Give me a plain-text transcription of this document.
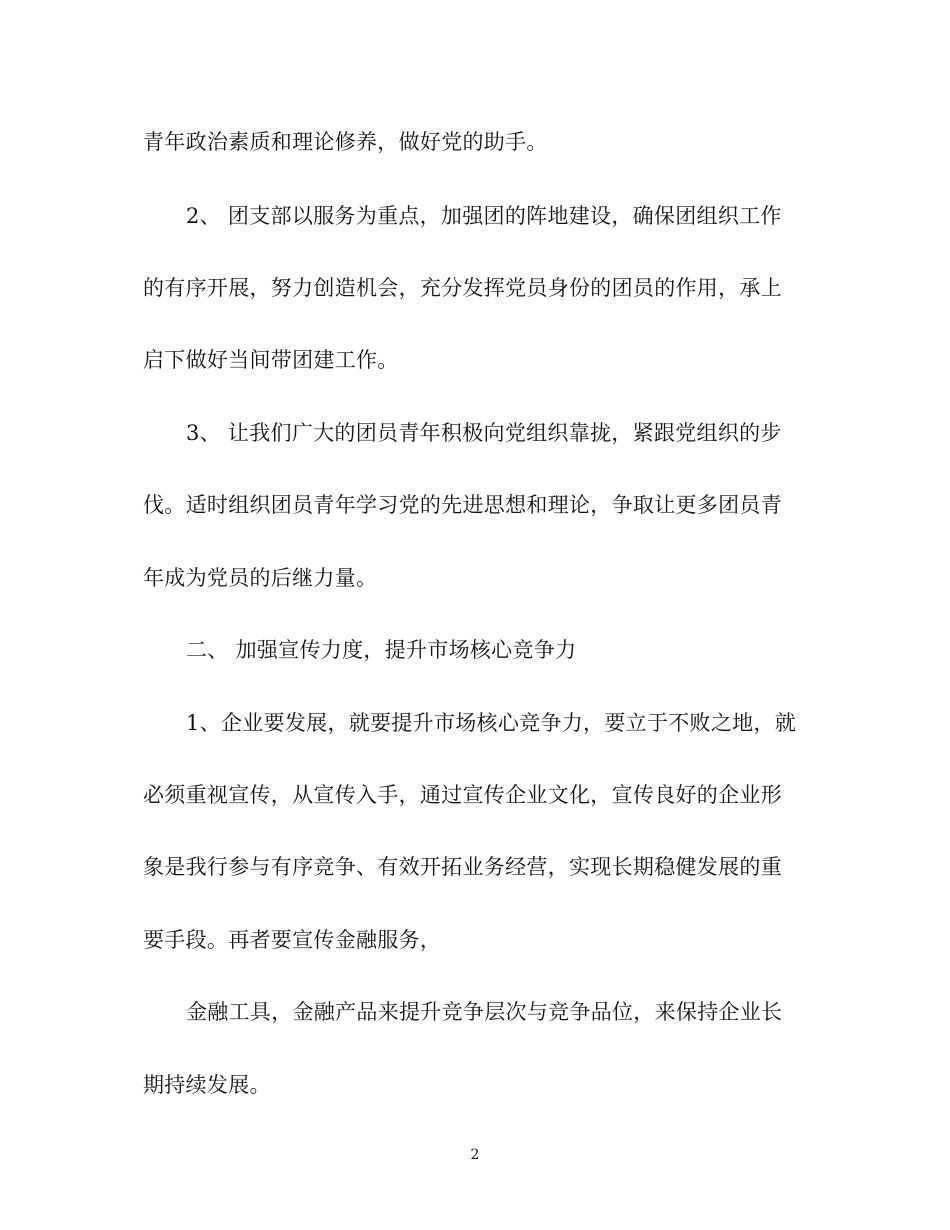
青年政治素质和理论修养，做好党的助手。
2、 团支部以服务为重点，加强团的阵地建设，确保团组织工作
的有序开展，努力创造机会，充分发挥党员身份的团员的作用，承上
启下做好当间带团建工作。
3、 让我们广大的团员青年积极向党组织靠拢，紧跟党组织的步
伐。适时组织团员青年学习党的先进思想和理论，争取让更多团员青
年成为党员的后继力量。
二、 加强宣传力度，提升市场核心竞争力
1、企业要发展，就要提升市场核心竞争力，要立于不败之地，就
必须重视宣传，从宣传入手，通过宣传企业文化，宣传良好的企业形
象是我行参与有序竞争、有效开拓业务经营，实现长期稳健发展的重
要手段。再者要宣传金融服务，
金融工具，金融产品来提升竞争层次与竞争品位，来保持企业长
期持续发展。
2
